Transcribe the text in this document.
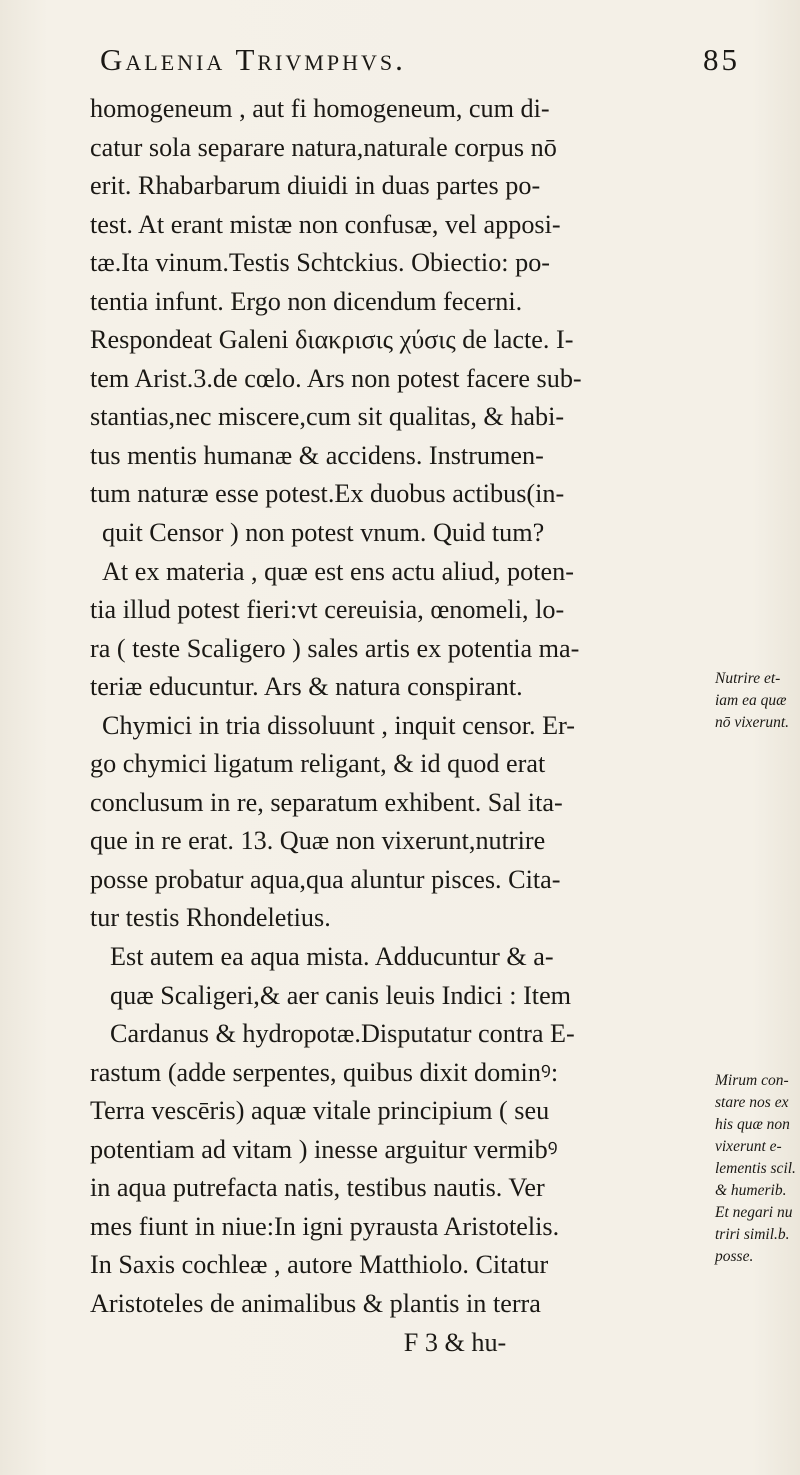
Galenia Trivmphvs.	85
homogeneum , aut fi homogeneum, cum di-
catur sola separare natura,naturale corpus nō
erit. Rhabarbarum diuidi in duas partes po-
test. At erant mistæ non confusæ, vel apposi-
tæ.Ita vinum.Testis Schtckius. Obiectio: po-
tentia infunt. Ergo non dicendum fecerni.
Respondeat Galeni διακρισις χύσις de lacte. I-
tem Arist.3.de cœlo. Ars non potest facere sub-
stantias,nec miscere,cum sit qualitas, & habi-
tus mentis humanæ & accidens. Instrumen-
tum naturæ esse potest.Ex duobus actibus(in-
quit Censor ) non potest vnum. Quid tum?
At ex materia , quæ est ens actu aliud, poten-
tia illud potest fieri:vt cereuisia, œnomeli, lo-
ra ( teste Scaligero ) sales artis ex potentia ma-
teriæ educuntur. Ars & natura conspirant.
Chymici in tria dissoluunt , inquit censor. Er-
go chymici ligatum religant, & id quod erat
conclusum in re, separatum exhibent. Sal ita-
que in re erat. 13. Quæ non vixerunt,nutrire
posse probatur aqua,qua aluntur pisces. Cita-
tur testis Rhondeletius.
Est autem ea aqua mista. Adducuntur & a-
quæ Scaligeri,& aer canis leuis Indici : Item
Cardanus & hydropotæ.Disputatur contra E-
rastum (adde serpentes, quibus dixit dominꝰ:
Terra vescēris) aquæ vitale principium ( seu
potentiam ad vitam ) inesse arguitur vermibꝰ
in aqua putrefacta natis, testibus nautis. Ver
mes fiunt in niue:In igni pyrausta Aristotelis.
In Saxis cochleæ , autore Matthiolo. Citatur
Aristoteles de animalibus & plantis in terra
F 3 & hu-
Nutrire et-
iam ea quæ
nō vixerunt.
Mirum con-
stare nos ex
his quæ non
vixerunt e-
lementis scil.
& humerib.
Et negari nu
triri simil.b.
posse.
